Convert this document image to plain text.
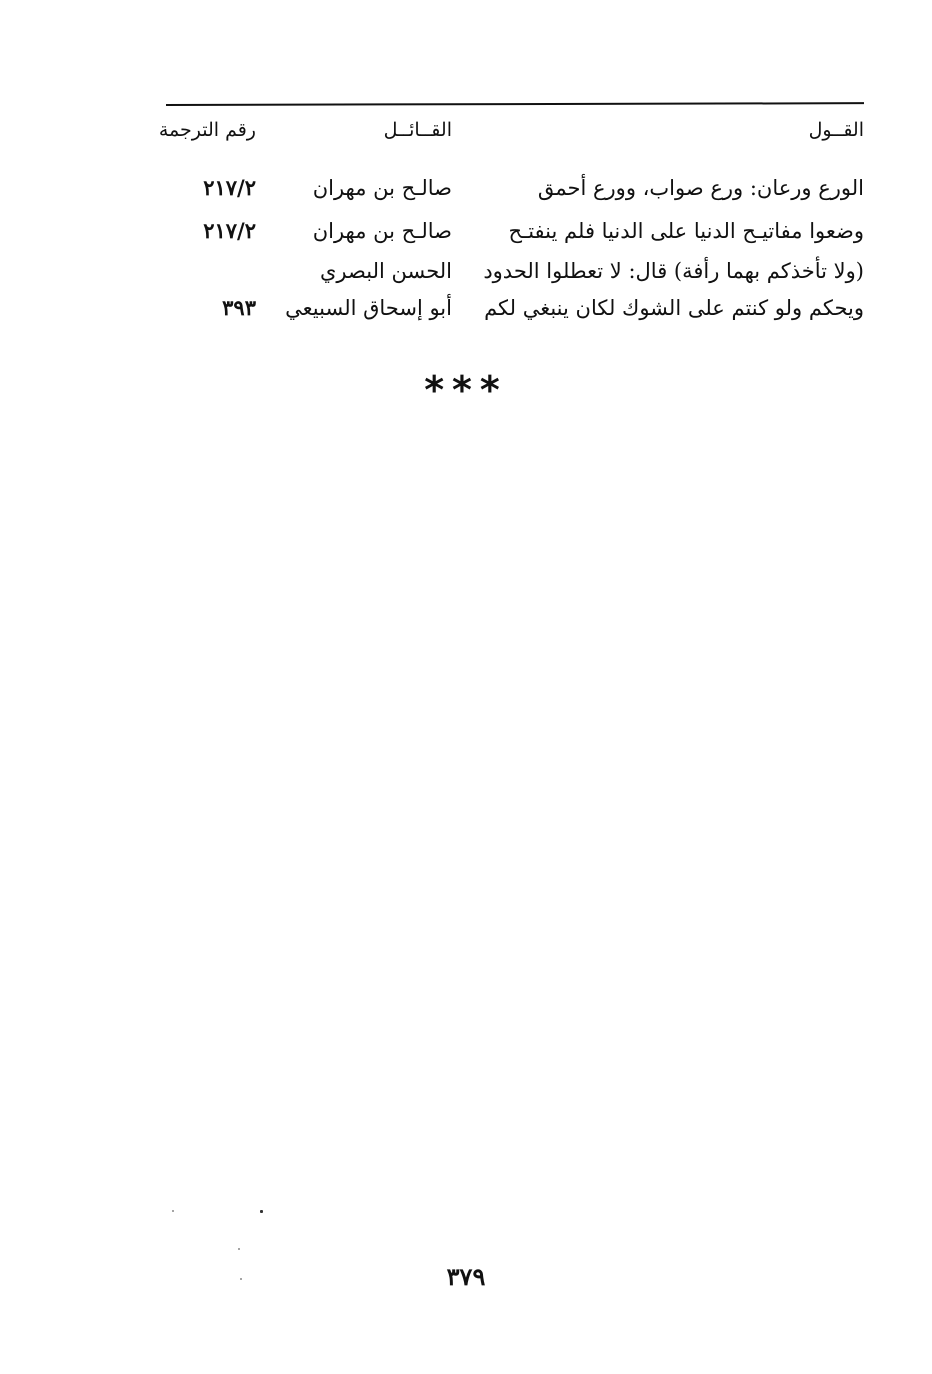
القــول
القــائــل
رقم الترجمة
الورع ورعان: ورع صواب، وورع أحمق
صالـح بن مهران
٢١٧/٢
وضعوا مفاتيـح الدنيا على الدنيا فلم ينفتـح
صالـح بن مهران
٢١٧/٢
(ولا تأخذكم بهما رأفة) قال: لا تعطلوا الحدود
الحسن البصري
ويحكم ولو كنتم على الشوك لكان ينبغي لكم
أبو إسحاق السبيعي
٣٩٣
***
٣٧٩
